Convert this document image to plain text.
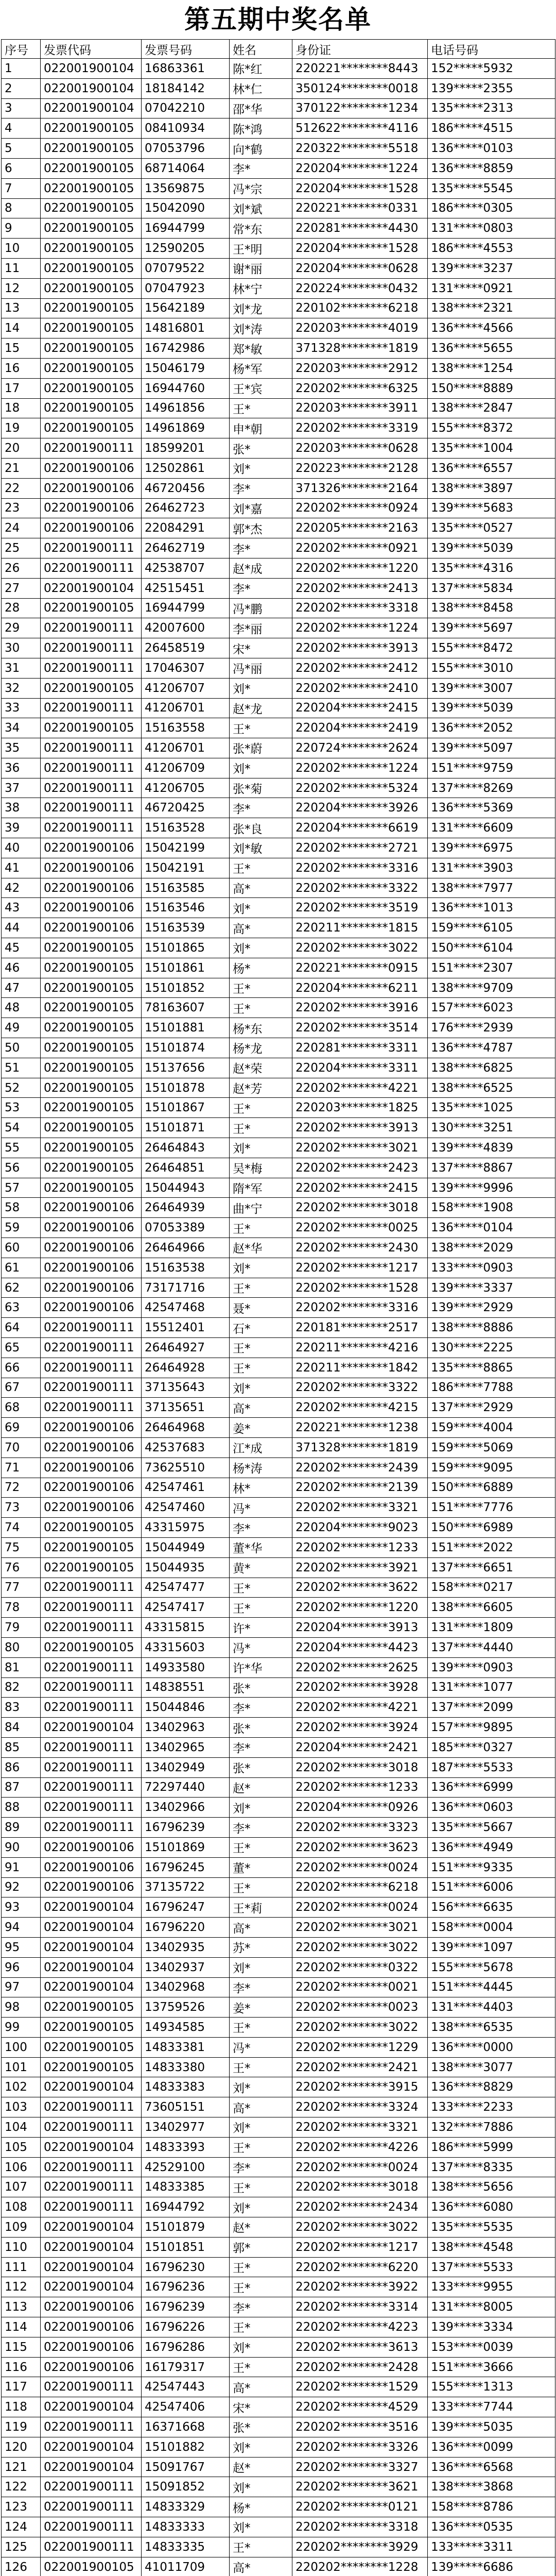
第五期中奖名单
序号	发票代码	发票号码	姓名	身份证	电话号码
1	022001900104	16863361	陈*红	220221********8443	152*****5932
2	022001900104	18184142	林*仁	350124********0018	139*****2355
3	022001900104	07042210	邵*华	370122********1234	135*****2313
4	022001900105	08410934	陈*鸿	512622********4116	186*****4515
5	022001900105	07053796	向*鹤	220322********5518	136*****0103
6	022001900105	68714064	李*	220204********1224	136*****8859
7	022001900105	13569875	冯*宗	220204********1528	135*****5545
8	022001900105	15042090	刘*斌	220221********0331	186*****0305
9	022001900105	16944799	常*东	220281********4430	131*****0803
10	022001900105	12590205	王*明	220204********1528	186*****4553
11	022001900105	07079522	谢*丽	220204********0628	139*****3237
12	022001900105	07047923	林*宁	220224********0432	131*****0921
13	022001900105	15642189	刘*龙	220102********6218	138*****2321
14	022001900105	14816801	刘*涛	220203********4019	136*****4566
15	022001900105	16742986	郑*敏	371328********1819	136*****5655
16	022001900105	15046179	杨*军	220203********2912	138*****1254
17	022001900105	16944760	王*宾	220202********6325	150*****8889
18	022001900105	14961856	王*	220203********3911	138*****2847
19	022001900105	14961869	申*朝	220202********3319	155*****8372
20	022001900111	18599201	张*	220203********0628	135*****1004
21	022001900106	12502861	刘*	220223********2128	136*****6557
22	022001900106	46720456	李*	371326********2164	138*****3897
23	022001900106	26462723	刘*嘉	220202********0924	139*****5683
24	022001900106	22084291	郭*杰	220205********2163	135*****0527
25	022001900111	26462719	李*	220202********0921	139*****5039
26	022001900111	42538707	赵*成	220202********1220	135*****4316
27	022001900104	42515451	李*	220202********2413	137*****5834
28	022001900105	16944799	冯*鹏	220202********3318	138*****8458
29	022001900111	42007600	李*丽	220202********1224	139*****5697
30	022001900111	26458519	宋*	220202********3913	155*****8472
31	022001900111	17046307	冯*丽	220202********2412	155*****3010
32	022001900105	41206707	刘*	220202********2410	139*****3007
33	022001900111	41206701	赵*龙	220204********2415	139*****5039
34	022001900105	15163558	王*	220204********2419	136*****2052
35	022001900111	41206701	张*蔚	220724********2624	139*****5097
36	022001900111	41206709	刘*	220202********1224	151*****9759
37	022001900111	41206705	张*菊	220202********5324	137*****8269
38	022001900111	46720425	李*	220204********3926	136*****5369
39	022001900111	15163528	张*良	220204********6619	131*****6609
40	022001900106	15042199	刘*敏	220202********2721	139*****6975
41	022001900106	15042191	王*	220202********3316	131*****3903
42	022001900106	15163585	高*	220202********3322	138*****7977
43	022001900106	15163546	刘*	220202********3519	136*****1013
44	022001900106	15163539	高*	220211********1815	159*****6105
45	022001900105	15101865	刘*	220202********3022	150*****6104
46	022001900105	15101861	杨*	220221********0915	151*****2307
47	022001900105	15101852	王*	220204********6211	138*****9709
48	022001900105	78163607	王*	220202********3916	157*****6023
49	022001900105	15101881	杨*东	220202********3514	176*****2939
50	022001900105	15101874	杨*龙	220281********3311	136*****4787
51	022001900105	15137656	赵*荣	220204********3311	138*****6825
52	022001900105	15101878	赵*芳	220202********4221	138*****6525
53	022001900105	15101867	王*	220203********1825	135*****1025
54	022001900105	15101871	王*	220202********3913	130*****3251
55	022001900105	26464843	刘*	220202********3021	139*****4839
56	022001900105	26464851	吴*梅	220202********2423	137*****8867
57	022001900105	15044943	隋*军	220202********2415	139*****9996
58	022001900106	26464939	曲*宁	220202********3018	158*****1908
59	022001900106	07053389	王*	220202********0025	136*****0104
60	022001900106	26464966	赵*华	220202********2430	138*****2029
61	022001900106	15163538	刘*	220202********1217	133*****0903
62	022001900106	73171716	王*	220202********1528	139*****3337
63	022001900106	42547468	聂*	220202********3316	139*****2929
64	022001900111	15512401	石*	220181********2517	138*****8886
65	022001900111	26464927	王*	220211********4216	130*****2225
66	022001900111	26464928	王*	220211********1842	135*****8865
67	022001900111	37135643	刘*	220202********3322	186*****7788
68	022001900111	37135651	高*	220202********4215	137*****2929
69	022001900106	26464968	姜*	220221********1238	159*****4004
70	022001900106	42537683	江*成	371328********1819	159*****5069
71	022001900106	73625510	杨*涛	220202********2439	159*****9095
72	022001900106	42547461	林*	220202********2139	150*****6889
73	022001900106	42547460	冯*	220202********3321	151*****7776
74	022001900105	43315975	李*	220204********9023	150*****6989
75	022001900105	15044949	董*华	220202********1233	151*****2022
76	022001900105	15044935	黄*	220202********3921	137*****6651
77	022001900111	42547477	王*	220202********3622	158*****0217
78	022001900111	42547417	王*	220202********1220	138*****6605
79	022001900111	43315815	许*	220204********3913	131*****1809
80	022001900105	43315603	冯*	220204********4423	137*****4440
81	022001900111	14933580	许*华	220202********2625	139*****0903
82	022001900111	14838551	张*	220202********3928	131*****1077
83	022001900111	15044846	李*	220202********4221	137*****2099
84	022001900104	13402963	张*	220202********3924	157*****9895
85	022001900111	13402965	李*	220204********2421	185*****0327
86	022001900111	13402949	张*	220202********3018	187*****5533
87	022001900111	72297440	赵*	220202********1233	136*****6999
88	022001900111	13402966	刘*	220204********0926	136*****0603
89	022001900111	16796239	李*	220202********3323	135*****5667
90	022001900106	15101869	王*	220202********3623	136*****4949
91	022001900106	16796245	董*	220202********0024	151*****9335
92	022001900106	37135722	王*	220202********6218	151*****6006
93	022001900104	16796247	王*莉	220202********0024	156*****6635
94	022001900104	16796220	高*	220202********3021	158*****0004
95	022001900104	13402935	苏*	220202********3022	139*****1097
96	022001900104	13402937	刘*	220202********0322	155*****5678
97	022001900104	13402968	李*	220202********0021	151*****4445
98	022001900105	13759526	姜*	220202********0023	131*****4403
99	022001900105	14934585	王*	220202********3022	138*****6535
100	022001900105	14833381	冯*	220202********1229	136*****0000
101	022001900105	14833380	王*	220202********2421	138*****3077
102	022001900104	14833383	刘*	220202********3915	136*****8829
103	022001900111	73605151	高*	220202********3324	133*****2233
104	022001900111	13402977	刘*	220202********3321	132*****7886
105	022001900104	14833393	王*	220202********4226	186*****5999
106	022001900111	42529100	李*	220202********0024	137*****8335
107	022001900111	14833385	王*	220202********3018	138*****5656
108	022001900111	16944792	刘*	220202********2434	136*****6080
109	022001900104	15101879	赵*	220202********3022	135*****5535
110	022001900104	15101851	郭*	220202********1217	138*****4548
111	022001900104	16796230	王*	220202********6220	137*****5533
112	022001900104	16796236	王*	220202********3922	133*****9955
113	022001900106	16796239	李*	220202********3314	131*****8005
114	022001900106	16796226	王*	220202********4223	139*****3334
115	022001900106	16796286	刘*	220202********3613	153*****0039
116	022001900106	16179317	王*	220202********2428	151*****3666
117	022001900111	42547443	高*	220202********1529	155*****1313
118	022001900104	42547406	宋*	220202********4529	133*****7744
119	022001900111	16371668	张*	220202********3516	139*****5035
120	022001900104	15101882	刘*	220202********3326	136*****0099
121	022001900104	15091767	赵*	220202********3327	136*****6568
122	022001900111	15091852	刘*	220202********3621	138*****3868
123	022001900111	14833329	杨*	220202********0121	158*****8786
124	022001900111	14833333	刘*	220202********3318	136*****0535
125	022001900111	14833335	王*	220202********3929	133*****3311
126	022001900105	41011709	高*	220202********1228	139*****6686
